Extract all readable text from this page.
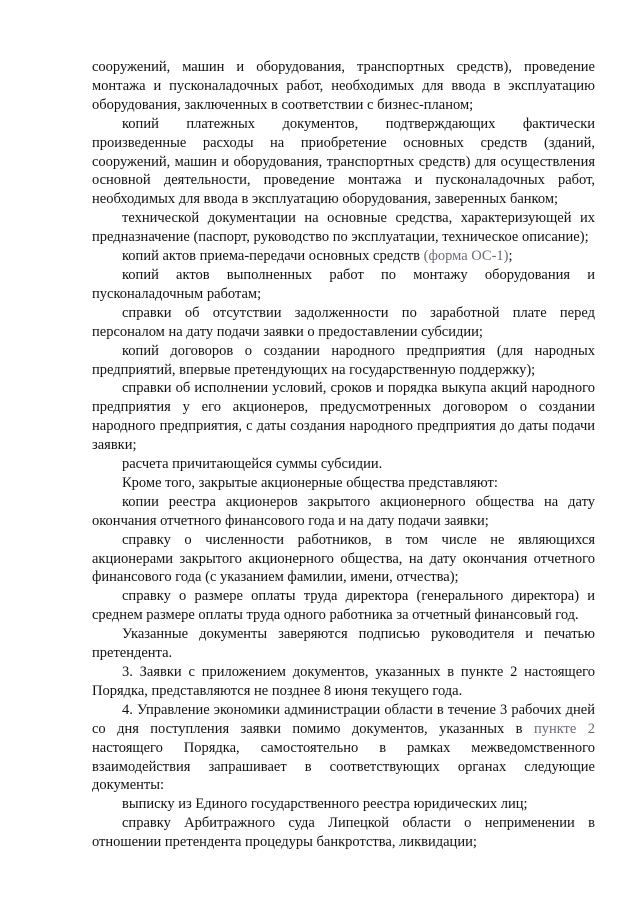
сооружений, машин и оборудования, транспортных средств), проведение монтажа и пусконаладочных работ, необходимых для ввода в эксплуатацию оборудования, заключенных в соответствии с бизнес-планом;

копий платежных документов, подтверждающих фактически произведенные расходы на приобретение основных средств (зданий, сооружений, машин и оборудования, транспортных средств) для осуществления основной деятельности, проведение монтажа и пусконаладочных работ, необходимых для ввода в эксплуатацию оборудования, заверенных банком;

технической документации на основные средства, характеризующей их предназначение (паспорт, руководство по эксплуатации, техническое описание);

копий актов приема-передачи основных средств (форма ОС-1);

копий актов выполненных работ по монтажу оборудования и пусконаладочным работам;

справки об отсутствии задолженности по заработной плате перед персоналом на дату подачи заявки о предоставлении субсидии;

копий договоров о создании народного предприятия (для народных предприятий, впервые претендующих на государственную поддержку);

справки об исполнении условий, сроков и порядка выкупа акций народного предприятия у его акционеров, предусмотренных договором о создании народного предприятия, с даты создания народного предприятия до даты подачи заявки;

расчета причитающейся суммы субсидии.

Кроме того, закрытые акционерные общества представляют:

копии реестра акционеров закрытого акционерного общества на дату окончания отчетного финансового года и на дату подачи заявки;

справку о численности работников, в том числе не являющихся акционерами закрытого акционерного общества, на дату окончания отчетного финансового года (с указанием фамилии, имени, отчества);

справку о размере оплаты труда директора (генерального директора) и среднем размере оплаты труда одного работника за отчетный финансовый год.

Указанные документы заверяются подписью руководителя и печатью претендента.

3. Заявки с приложением документов, указанных в пункте 2 настоящего Порядка, представляются не позднее 8 июня текущего года.

4. Управление экономики администрации области в течение 3 рабочих дней со дня поступления заявки помимо документов, указанных в пункте 2 настоящего Порядка, самостоятельно в рамках межведомственного взаимодействия запрашивает в соответствующих органах следующие документы:

выписку из Единого государственного реестра юридических лиц;

справку Арбитражного суда Липецкой области о неприменении в отношении претендента процедуры банкротства, ликвидации;
